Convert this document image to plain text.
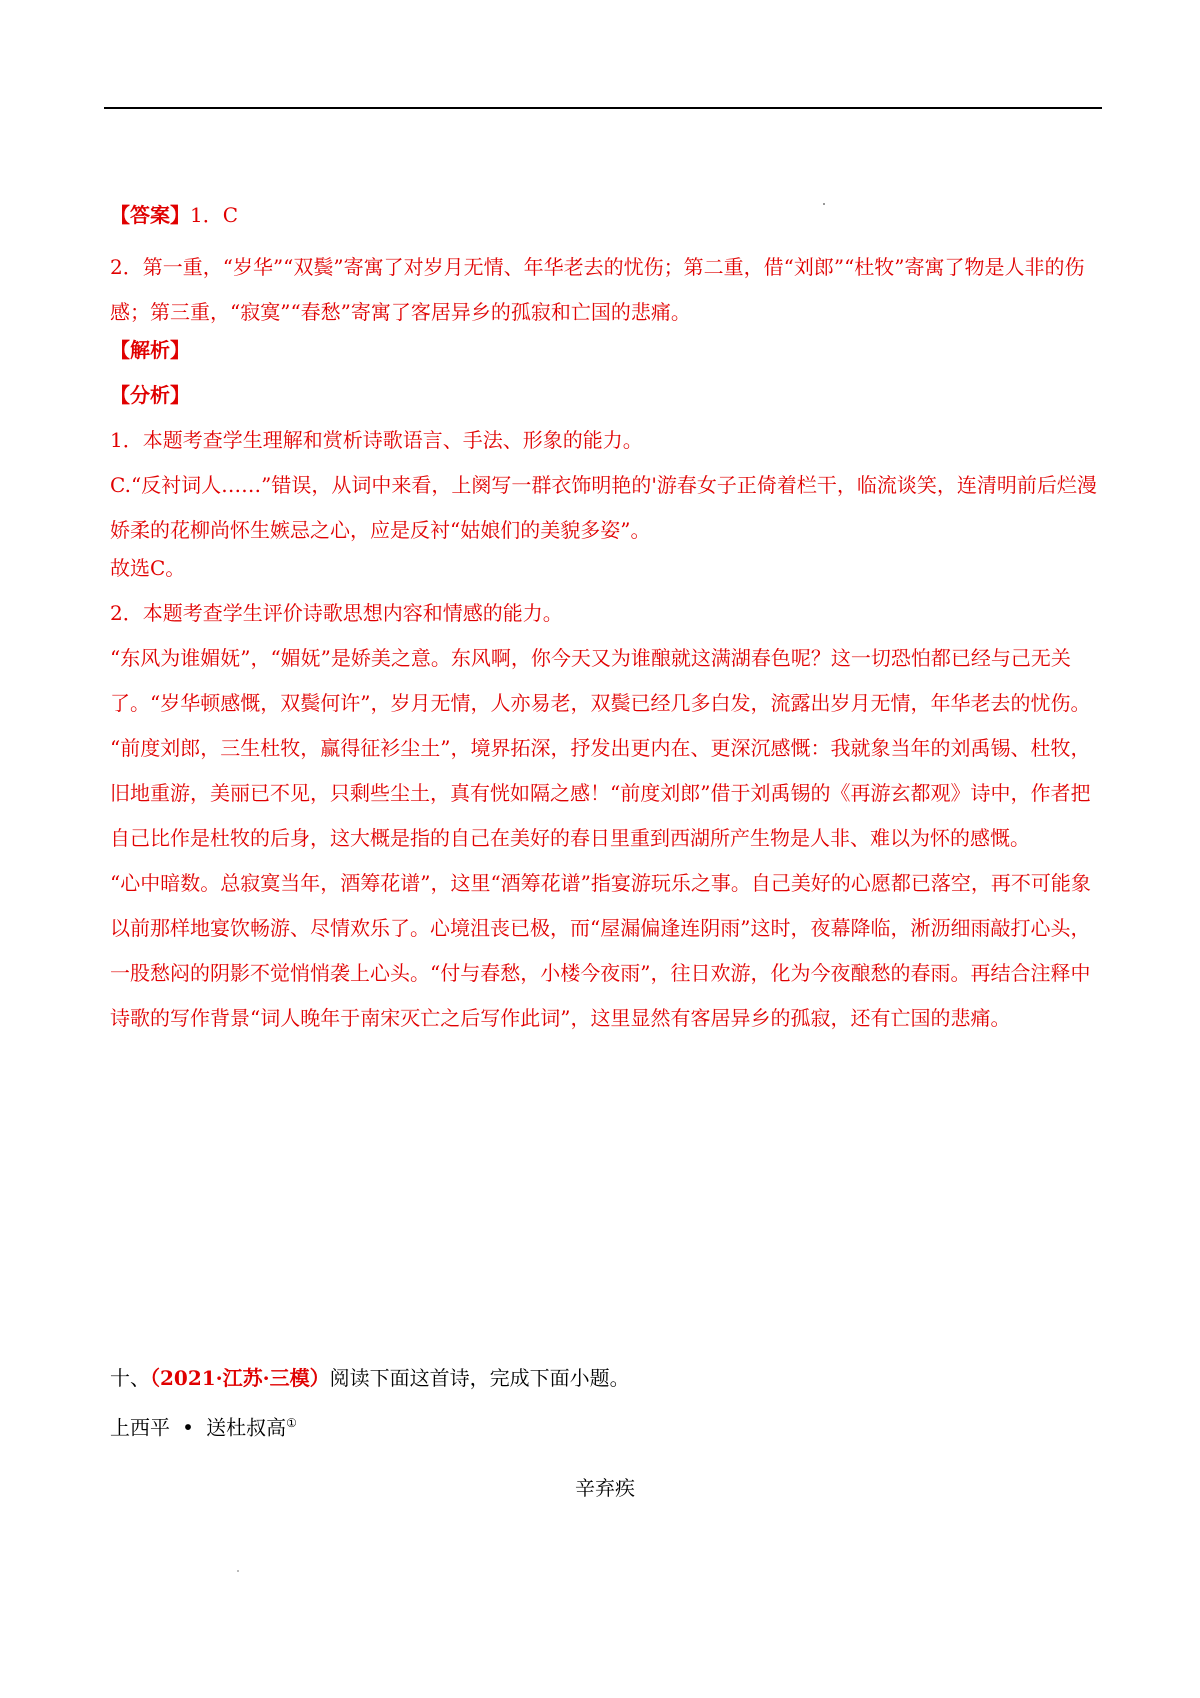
【答案】1．C

2．第一重，“岁华”“双鬓”寄寓了对岁月无情、年华老去的忧伤；第二重，借“刘郎”“杜牧”寄寓了物是人非的伤感；第三重，“寂寞”“春愁”寄寓了客居异乡的孤寂和亡国的悲痛。

【解析】
【分析】
1．本题考查学生理解和赏析诗歌语言、手法、形象的能力。

C.“反衬词人……”错误，从词中来看，上阕写一群衣饰明艳的'游春女子正倚着栏干，临流谈笑，连清明前后烂漫娇柔的花柳尚怀生嫉忌之心，应是反衬“姑娘们的美貌多姿”。

故选C。
2．本题考查学生评价诗歌思想内容和情感的能力。

“东风为谁媚妩”，“媚妩”是娇美之意。东风啊，你今天又为谁酿就这满湖春色呢？这一切恐怕都已经与己无关了。“岁华顿感慨，双鬓何许”，岁月无情，人亦易老，双鬓已经几多白发，流露出岁月无情，年华老去的忧伤。

“前度刘郎，三生杜牧，赢得征衫尘土”，境界拓深，抒发出更内在、更深沉感慨：我就象当年的刘禹锡、杜牧，旧地重游，美丽已不见，只剩些尘土，真有恍如隔之感！“前度刘郎”借于刘禹锡的《再游玄都观》诗中，作者把自己比作是杜牧的后身，这大概是指的自己在美好的春日里重到西湖所产生物是人非、难以为怀的感慨。

“心中暗数。总寂寞当年，酒筹花谱”，这里“酒筹花谱”指宴游玩乐之事。自己美好的心愿都已落空，再不可能象以前那样地宴饮畅游、尽情欢乐了。心境沮丧已极，而“屋漏偏逢连阴雨”这时，夜幕降临，淅沥细雨敲打心头，一股愁闷的阴影不觉悄悄袭上心头。“付与春愁，小楼今夜雨”，往日欢游，化为今夜酿愁的春雨。再结合注释中诗歌的写作背景“词人晚年于南宋灭亡之后写作此词”，这里显然有客居异乡的孤寂，还有亡国的悲痛。

十、（2021·江苏·三模）阅读下面这首诗，完成下面小题。
上西平 • 送杜叔高①
辛弃疾
